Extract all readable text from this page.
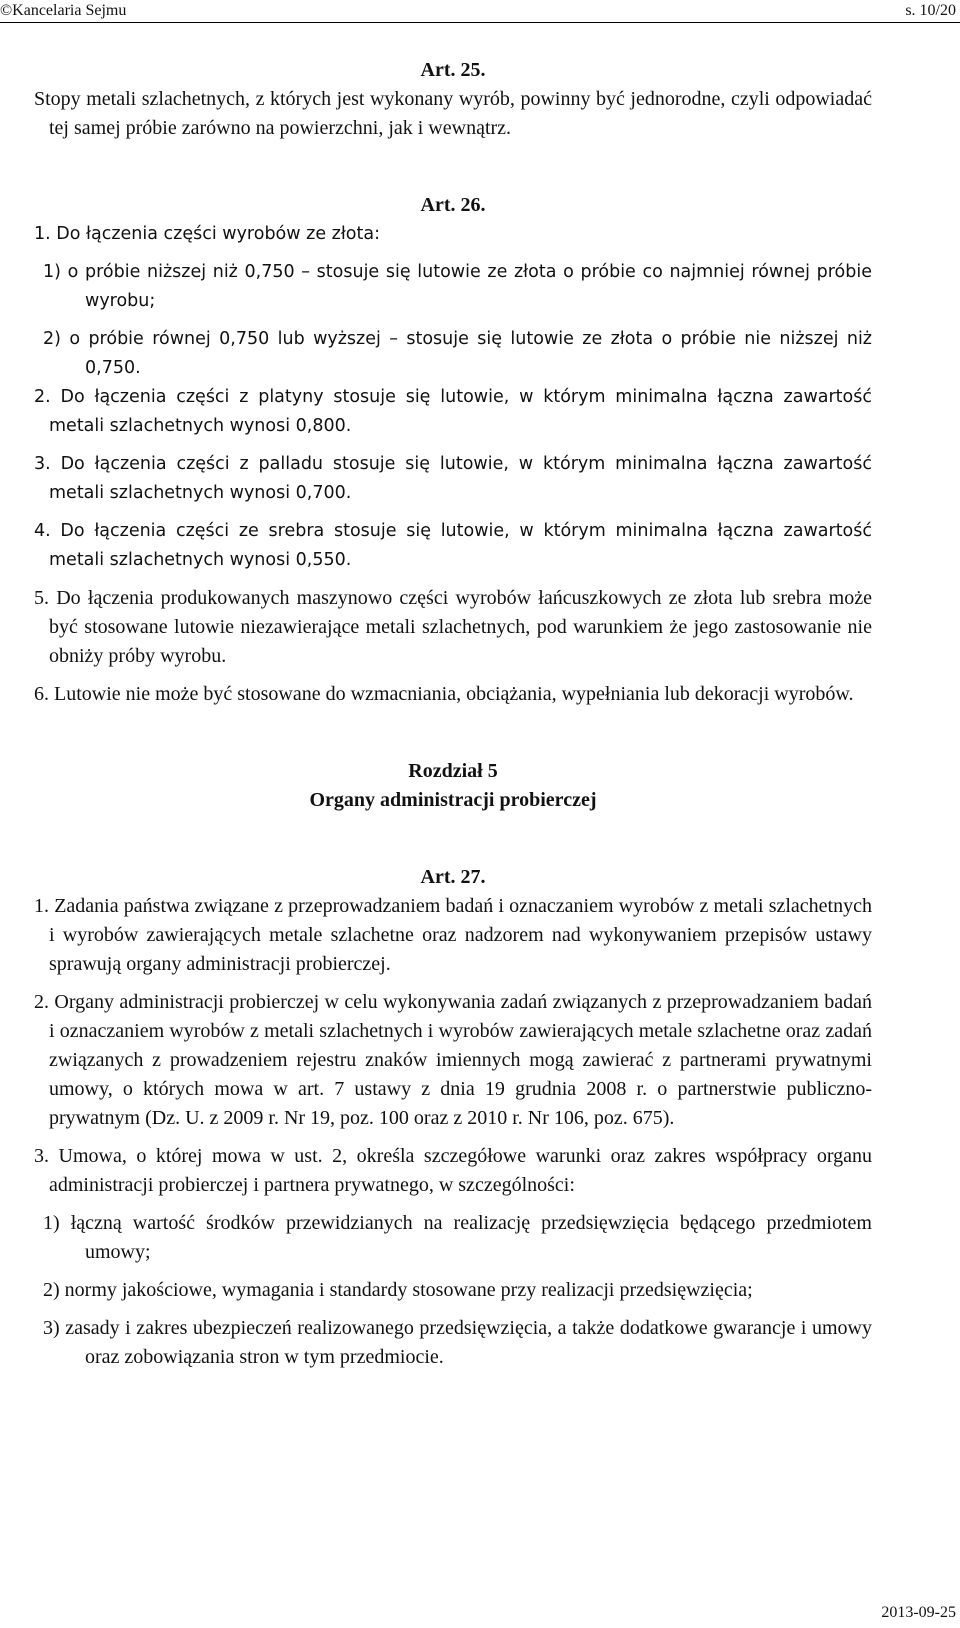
©Kancelaria Sejmu	s. 10/20

Art. 25.

Stopy metali szlachetnych, z których jest wykonany wyrób, powinny być jednorodne, czyli odpowiadać tej samej próbie zarówno na powierzchni, jak i wewnątrz.

Art. 26.

1. Do łączenia części wyrobów ze złota:

1) o próbie niższej niż 0,750 – stosuje się lutowie ze złota o próbie co najmniej równej próbie wyrobu;

2) o próbie równej 0,750 lub wyższej – stosuje się lutowie ze złota o próbie nie niższej niż 0,750.

2. Do łączenia części z platyny stosuje się lutowie, w którym minimalna łączna zawartość metali szlachetnych wynosi 0,800.

3. Do łączenia części z palladu stosuje się lutowie, w którym minimalna łączna zawartość metali szlachetnych wynosi 0,700.

4. Do łączenia części ze srebra stosuje się lutowie, w którym minimalna łączna zawartość metali szlachetnych wynosi 0,550.

5. Do łączenia produkowanych maszynowo części wyrobów łańcuszkowych ze złota lub srebra może być stosowane lutowie niezawierające metali szlachetnych, pod warunkiem że jego zastosowanie nie obniży próby wyrobu.

6. Lutowie nie może być stosowane do wzmacniania, obciążania, wypełniania lub dekoracji wyrobów.

Rozdział 5

Organy administracji probierczej

Art. 27.

1. Zadania państwa związane z przeprowadzaniem badań i oznaczaniem wyrobów z metali szlachetnych i wyrobów zawierających metale szlachetne oraz nadzorem nad wykonywaniem przepisów ustawy sprawują organy administracji probierczej.

2. Organy administracji probierczej w celu wykonywania zadań związanych z przeprowadzaniem badań i oznaczaniem wyrobów z metali szlachetnych i wyrobów zawierających metale szlachetne oraz zadań związanych z prowadzeniem rejestru znaków imiennych mogą zawierać z partnerami prywatnymi umowy, o których mowa w art. 7 ustawy z dnia 19 grudnia 2008 r. o partnerstwie publiczno-prywatnym (Dz. U. z 2009 r. Nr 19, poz. 100 oraz z 2010 r. Nr 106, poz. 675).

3. Umowa, o której mowa w ust. 2, określa szczegółowe warunki oraz zakres współpracy organu administracji probierczej i partnera prywatnego, w szczególności:

1) łączną wartość środków przewidzianych na realizację przedsięwzięcia będącego przedmiotem umowy;

2) normy jakościowe, wymagania i standardy stosowane przy realizacji przedsięwzięcia;

3) zasady i zakres ubezpieczeń realizowanego przedsięwzięcia, a także dodatkowe gwarancje i umowy oraz zobowiązania stron w tym przedmiocie.

2013-09-25
